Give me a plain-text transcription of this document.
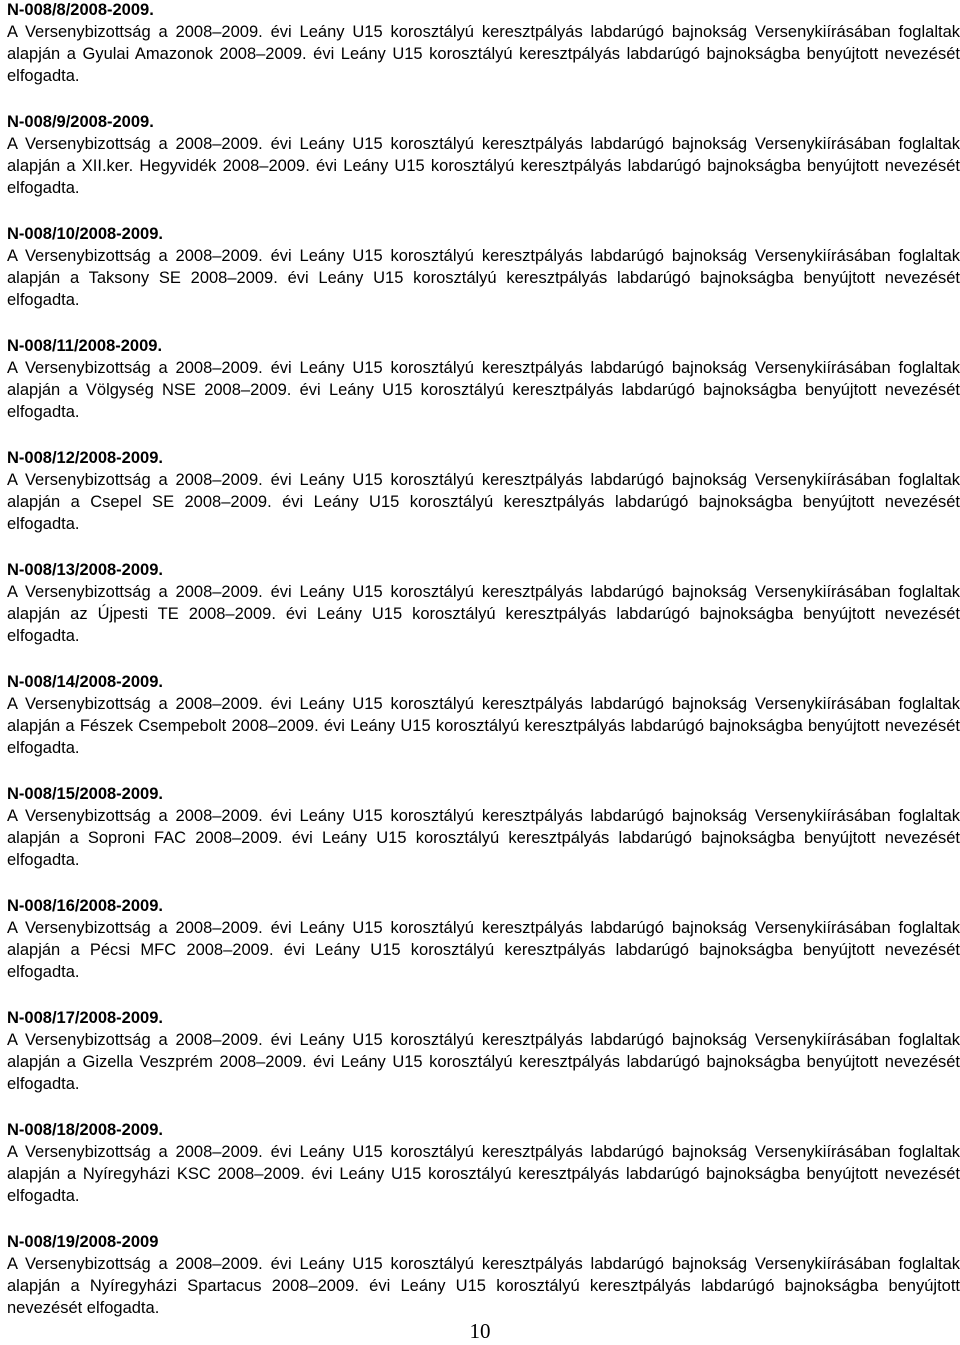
N-008/8/2008-2009.

A Versenybizottság a 2008–2009. évi Leány U15 korosztályú keresztpályás labdarúgó bajnokság Versenykiírásában foglaltak alapján a Gyulai Amazonok 2008–2009. évi Leány U15 korosztályú keresztpályás labdarúgó bajnokságba benyújtott nevezését elfogadta.

N-008/9/2008-2009.

A Versenybizottság a 2008–2009. évi Leány U15 korosztályú keresztpályás labdarúgó bajnokság Versenykiírásában foglaltak alapján a XII.ker. Hegyvidék 2008–2009. évi Leány U15 korosztályú keresztpályás labdarúgó bajnokságba benyújtott nevezését elfogadta.

N-008/10/2008-2009.

A Versenybizottság a 2008–2009. évi Leány U15 korosztályú keresztpályás labdarúgó bajnokság Versenykiírásában foglaltak alapján a Taksony SE 2008–2009. évi Leány U15 korosztályú keresztpályás labdarúgó bajnokságba benyújtott nevezését elfogadta.

N-008/11/2008-2009.

A Versenybizottság a 2008–2009. évi Leány U15 korosztályú keresztpályás labdarúgó bajnokság Versenykiírásában foglaltak alapján a Völgység NSE 2008–2009. évi Leány U15 korosztályú keresztpályás labdarúgó bajnokságba benyújtott nevezését elfogadta.

N-008/12/2008-2009.

A Versenybizottság a 2008–2009. évi Leány U15 korosztályú keresztpályás labdarúgó bajnokság Versenykiírásában foglaltak alapján a Csepel SE 2008–2009. évi Leány U15 korosztályú keresztpályás labdarúgó bajnokságba benyújtott nevezését elfogadta.

N-008/13/2008-2009.

A Versenybizottság a 2008–2009. évi Leány U15 korosztályú keresztpályás labdarúgó bajnokság Versenykiírásában foglaltak alapján az Újpesti TE 2008–2009. évi Leány U15 korosztályú keresztpályás labdarúgó bajnokságba benyújtott nevezését elfogadta.

N-008/14/2008-2009.

A Versenybizottság a 2008–2009. évi Leány U15 korosztályú keresztpályás labdarúgó bajnokság Versenykiírásában foglaltak alapján a Fészek Csempebolt 2008–2009. évi Leány U15 korosztályú keresztpályás labdarúgó bajnokságba benyújtott nevezését elfogadta.

N-008/15/2008-2009.

A Versenybizottság a 2008–2009. évi Leány U15 korosztályú keresztpályás labdarúgó bajnokság Versenykiírásában foglaltak alapján a Soproni FAC 2008–2009. évi Leány U15 korosztályú keresztpályás labdarúgó bajnokságba benyújtott nevezését elfogadta.

N-008/16/2008-2009.

A Versenybizottság a 2008–2009. évi Leány U15 korosztályú keresztpályás labdarúgó bajnokság Versenykiírásában foglaltak alapján a Pécsi MFC 2008–2009. évi Leány U15 korosztályú keresztpályás labdarúgó bajnokságba benyújtott nevezését elfogadta.

N-008/17/2008-2009.

A Versenybizottság a 2008–2009. évi Leány U15 korosztályú keresztpályás labdarúgó bajnokság Versenykiírásában foglaltak alapján a Gizella Veszprém 2008–2009. évi Leány U15 korosztályú keresztpályás labdarúgó bajnokságba benyújtott nevezését elfogadta.

N-008/18/2008-2009.

A Versenybizottság a 2008–2009. évi Leány U15 korosztályú keresztpályás labdarúgó bajnokság Versenykiírásában foglaltak alapján a Nyíregyházi KSC 2008–2009. évi Leány U15 korosztályú keresztpályás labdarúgó bajnokságba benyújtott nevezését elfogadta.

N-008/19/2008-2009

A Versenybizottság a 2008–2009. évi Leány U15 korosztályú keresztpályás labdarúgó bajnokság Versenykiírásában foglaltak alapján a Nyíregyházi Spartacus 2008–2009. évi Leány U15 korosztályú keresztpályás labdarúgó bajnokságba benyújtott nevezését elfogadta.

10
